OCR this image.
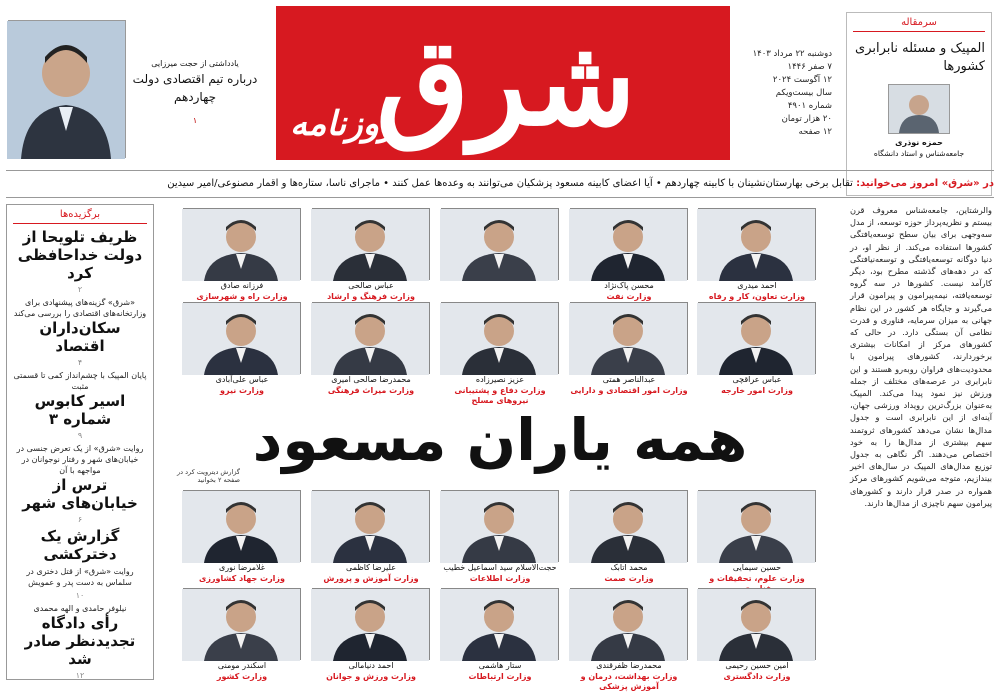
شرق
روزنامه
دوشنبه ۲۲ مرداد ۱۴۰۳
۷ صفر ۱۴۴۶
۱۲ آگوست ۲۰۲۴
سال بیست‌ویکم
شماره ۴۹۰۱
۲۰ هزار تومان
۱۲ صفحه
یادداشتی از حجت میرزایی
درباره تیم اقتصادی دولت چهاردهم
۱
سرمقاله
المپیک و مسئله نابرابری کشورها
حمزه نوذری
جامعه‌شناس و استاد دانشگاه
در «شرق» امروز می‌خوانید: تقابل برخی بهارستان‌نشینان با کابینه چهاردهم • آیا اعضای کابینه مسعود پزشکیان می‌توانند به وعده‌ها عمل کنند • ماجرای ناسا، ستاره‌ها و اقمار مصنوعی/امیر سیدین
والرشتاین، جامعه‌شناس معروف قرن بیستم و نظریه‌پرداز حوزه توسعه، از مدل سه‌وجهی برای بیان سطح توسعه‌یافتگی کشورها استفاده می‌کند. از نظر او، در دنیا دوگانه توسعه‌یافتگی و توسعه‌نیافتگی که در دهه‌های گذشته مطرح بود، دیگر کارآمد نیست. کشورها در سه گروه توسعه‌یافته، نیمه‌پیرامون و پیرامون قرار می‌گیرند و جایگاه هر کشور در این نظام جهانی به میزان سرمایه، فناوری و قدرت نظامی آن بستگی دارد. در حالی که کشورهای مرکز از امکانات بیشتری برخوردارند، کشورهای پیرامون با محدودیت‌های فراوان روبه‌رو هستند و این نابرابری در عرصه‌های مختلف از جمله ورزش نیز نمود پیدا می‌کند. المپیک به‌عنوان بزرگ‌ترین رویداد ورزشی جهان، آینه‌ای از این نابرابری است و جدول مدال‌ها نشان می‌دهد کشورهای ثروتمند سهم بیشتری از مدال‌ها را به خود اختصاص می‌دهند. اگر نگاهی به جدول توزیع مدال‌های المپیک در سال‌های اخیر بیندازیم، متوجه می‌شویم کشورهای مرکز همواره در صدر قرار دارند و کشورهای پیرامون سهم ناچیزی از مدال‌ها دارند.
برگزیده‌ها
ظریف تلویحا از دولت خداحافظی کرد
۲
«شرق» گزینه‌های پیشنهادی برای وزارتخانه‌های اقتصادی را بررسی می‌کند
سکان‌داران اقتصاد
۴
پایان المپیک با چشم‌انداز کمی تا قسمتی مثبت
اسیر کابوس شماره ۳
۹
روایت «شرق» از یک تعرض جنسی در خیابان‌های شهر و رفتار نوجوانان در مواجهه با آن
ترس از خیابان‌های شهر
۶
گزارش یک دخترکشی
روایت «شرق» از قتل دختری در سلماس به دست پدر و عمویش
۱۰
نیلوفر حامدی و الهه محمدی
رأی دادگاه تجدیدنظر صادر شد
۱۲
احمد میدری
وزارت تعاون، کار و رفاه
محسن پاک‌نژاد
وزارت نفت
عباس صالحی
وزارت فرهنگ و ارشاد
فرزانه صادق
وزارت راه و شهرسازی
عباس عراقچی
وزارت امور خارجه
عبدالناصر همتی
وزارت امور اقتصادی و دارایی
عزیز نصیرزاده
وزارت دفاع و پشتیبانی نیروهای مسلح
محمدرضا صالحی امیری
وزارت میراث فرهنگی
عباس علی‌آبادی
وزارت نیرو
حسین سیمایی
وزارت علوم، تحقیقات و
محمد اتابک
وزارت صمت
حجت‌الاسلام سید اسماعیل خطیب
وزارت اطلاعات
علیرضا کاظمی
وزارت آموزش و پرورش
غلامرضا نوری
وزارت جهاد کشاورزی
امین حسین رحیمی
وزارت دادگستری
محمدرضا ظفرقندی
وزارت بهداشت، درمان و آموزش پزشکی
ستار هاشمی
وزارت ارتباطات
احمد دنیامالی
وزارت ورزش و جوانان
اسکندر مومنی
وزارت کشور
همه یاران مسعود
گزارش دیترویت کرد در صفحه ۲ بخوانید
